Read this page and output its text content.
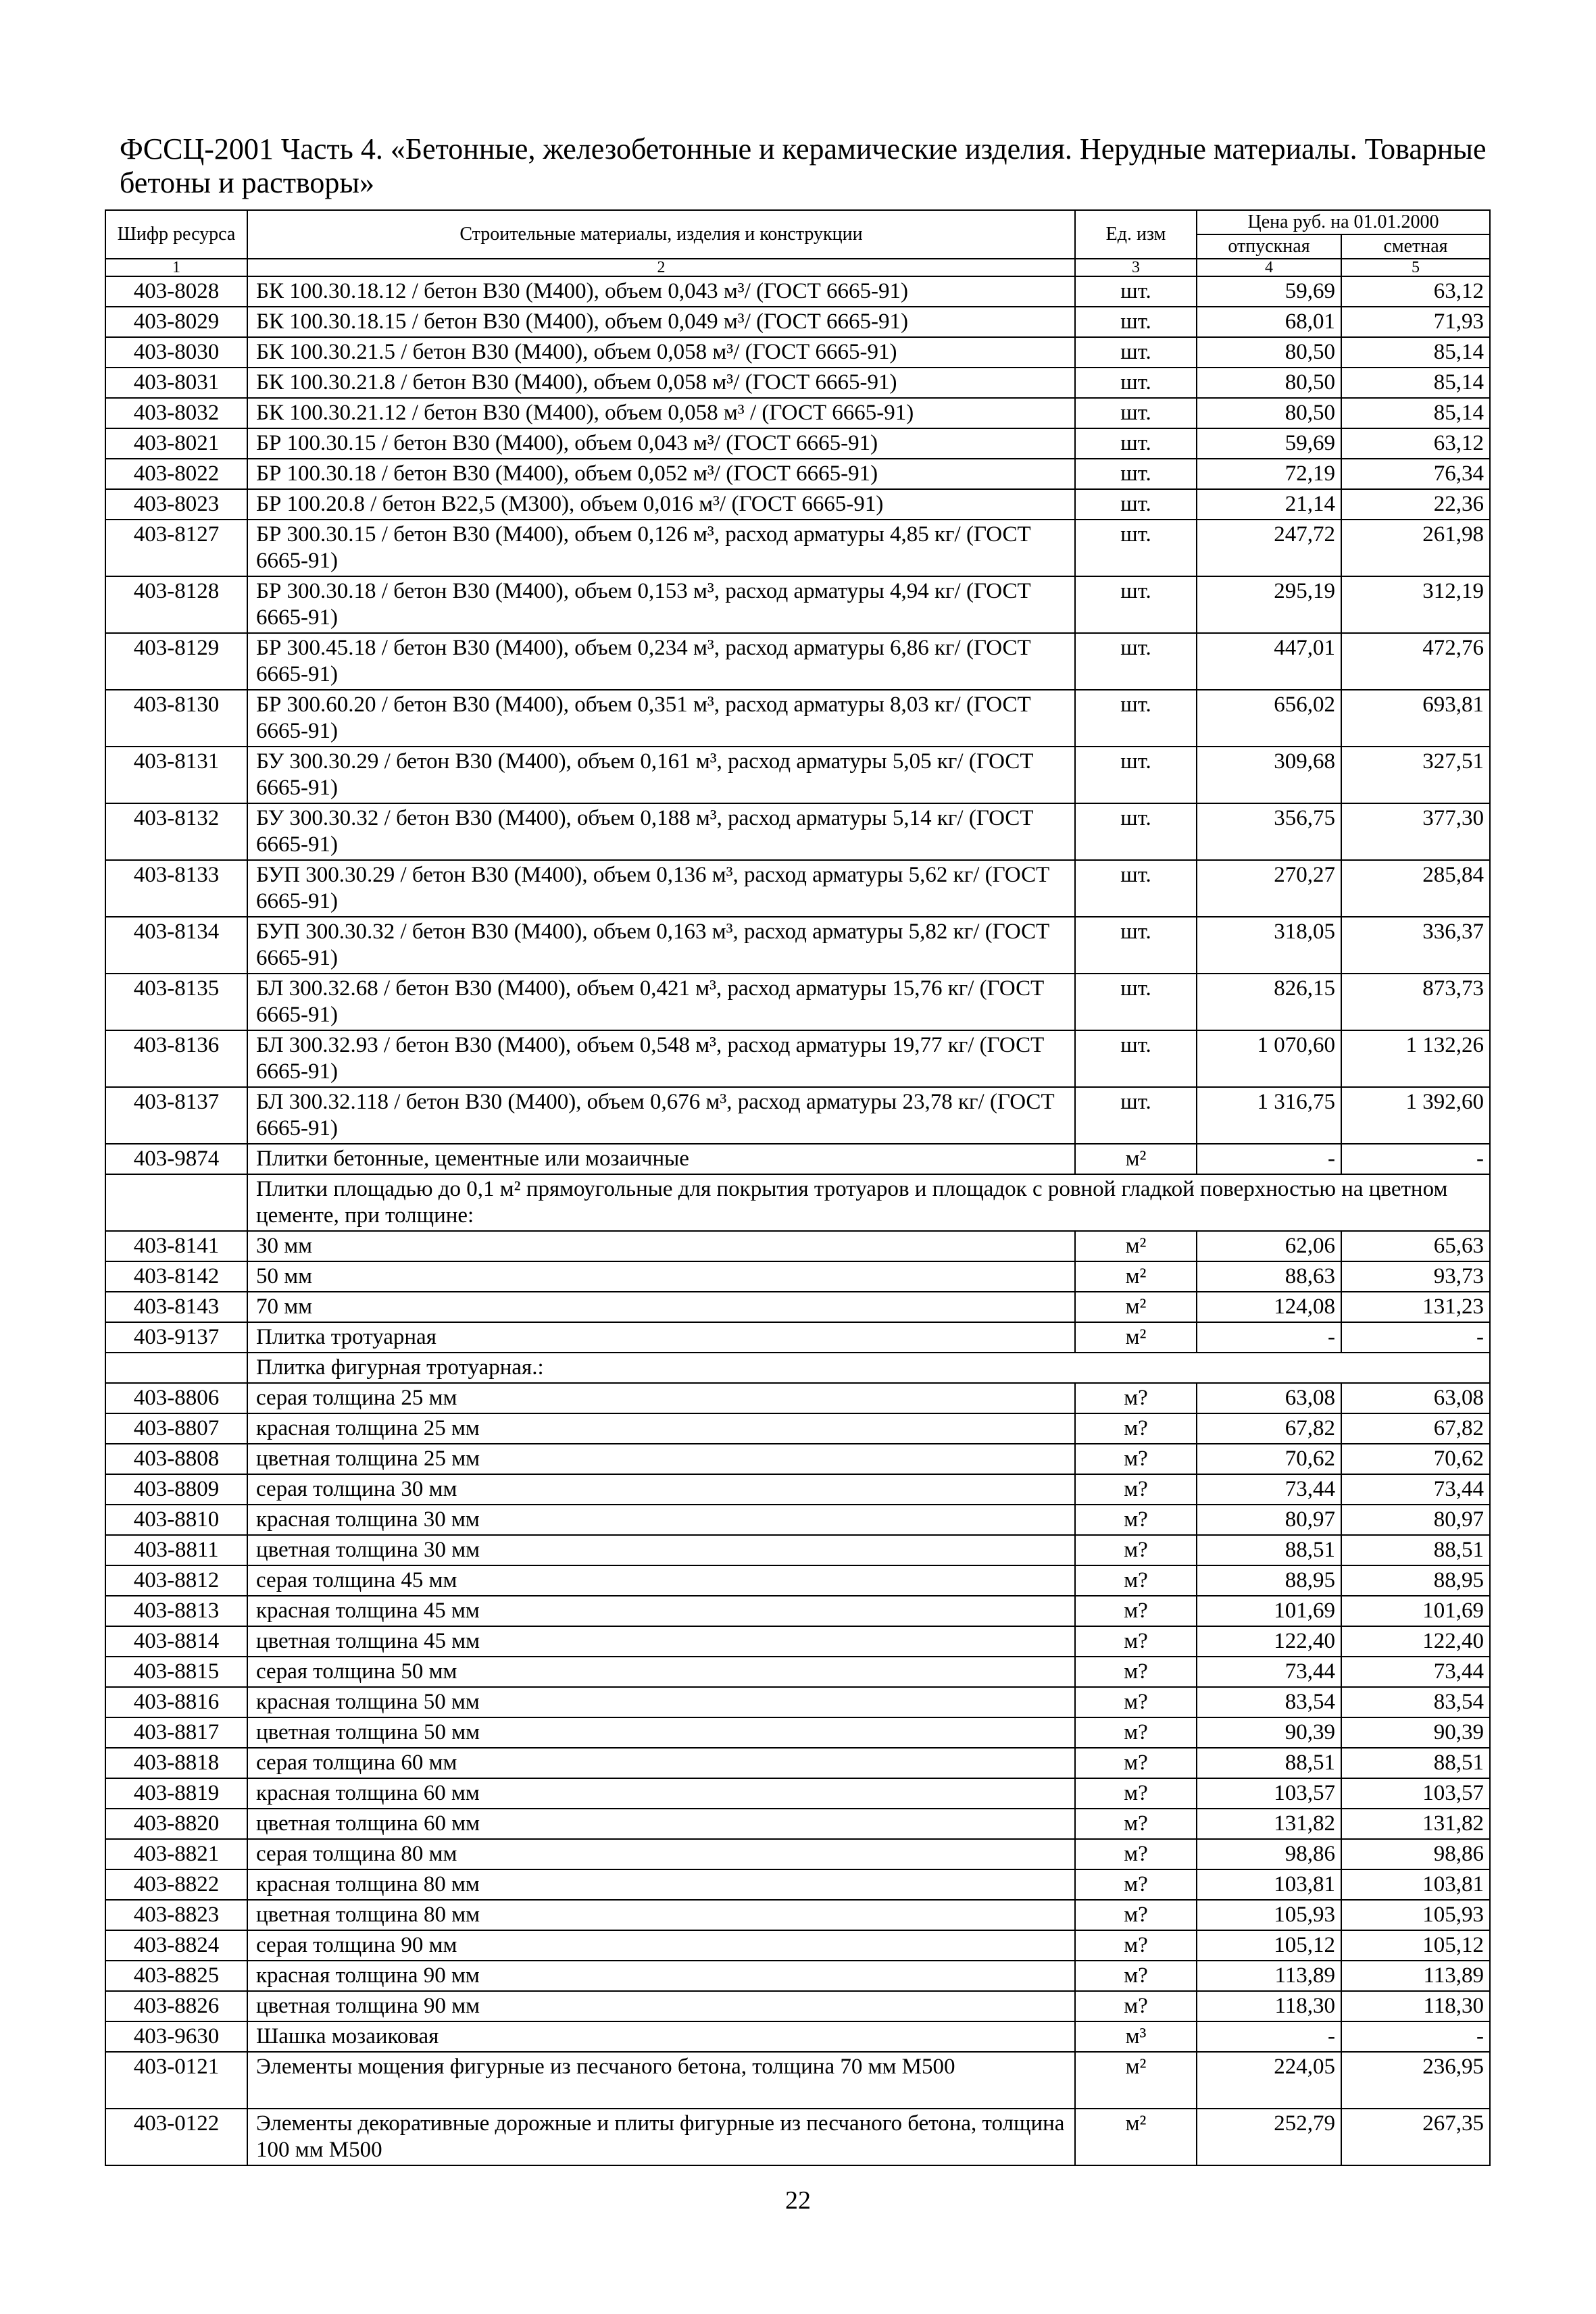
ФССЦ-2001 Часть 4. «Бетонные, железобетонные и керамические изделия. Нерудные материалы. Товарные бетоны и растворы»
Шифр ресурса	Строительные материалы, изделия и конструкции	Ед. изм	Цена руб. на 01.01.2000	
			отпускная	сметная
1	2	3	4	5
403-8028	БК 100.30.18.12 / бетон В30 (М400), объем 0,043 м³/ (ГОСТ 6665-91)	шт.	59,69	63,12
403-8029	БК 100.30.18.15 / бетон В30 (М400), объем 0,049 м³/ (ГОСТ 6665-91)	шт.	68,01	71,93
403-8030	БК 100.30.21.5 / бетон В30 (М400), объем 0,058 м³/ (ГОСТ 6665-91)	шт.	80,50	85,14
403-8031	БК 100.30.21.8 / бетон В30 (М400), объем 0,058 м³/ (ГОСТ 6665-91)	шт.	80,50	85,14
403-8032	БК 100.30.21.12 / бетон В30 (М400), объем 0,058 м³ / (ГОСТ 6665-91)	шт.	80,50	85,14
403-8021	БР 100.30.15 / бетон В30 (М400), объем 0,043 м³/ (ГОСТ 6665-91)	шт.	59,69	63,12
403-8022	БР 100.30.18 / бетон В30 (М400), объем 0,052 м³/ (ГОСТ 6665-91)	шт.	72,19	76,34
403-8023	БР 100.20.8 / бетон В22,5 (М300), объем 0,016 м³/ (ГОСТ 6665-91)	шт.	21,14	22,36
403-8127	БР 300.30.15 / бетон В30 (М400), объем 0,126 м³, расход арматуры 4,85 кг/ (ГОСТ 6665-91)	шт.	247,72	261,98
403-8128	БР 300.30.18 / бетон В30 (М400), объем 0,153 м³, расход арматуры 4,94 кг/ (ГОСТ 6665-91)	шт.	295,19	312,19
403-8129	БР 300.45.18 / бетон В30 (М400), объем 0,234 м³, расход арматуры 6,86 кг/ (ГОСТ 6665-91)	шт.	447,01	472,76
403-8130	БР 300.60.20 / бетон В30 (М400), объем 0,351 м³, расход арматуры 8,03 кг/ (ГОСТ 6665-91)	шт.	656,02	693,81
403-8131	БУ 300.30.29 / бетон В30 (М400), объем 0,161 м³, расход арматуры 5,05 кг/ (ГОСТ 6665-91)	шт.	309,68	327,51
403-8132	БУ 300.30.32 / бетон В30 (М400), объем 0,188 м³, расход арматуры 5,14 кг/ (ГОСТ 6665-91)	шт.	356,75	377,30
403-8133	БУП 300.30.29 / бетон В30 (М400), объем 0,136 м³, расход арматуры 5,62 кг/ (ГОСТ 6665-91)	шт.	270,27	285,84
403-8134	БУП 300.30.32 / бетон В30 (М400), объем 0,163 м³, расход арматуры 5,82 кг/ (ГОСТ 6665-91)	шт.	318,05	336,37
403-8135	БЛ 300.32.68 / бетон В30 (М400), объем 0,421 м³, расход арматуры 15,76 кг/ (ГОСТ 6665-91)	шт.	826,15	873,73
403-8136	БЛ 300.32.93 / бетон В30 (М400), объем 0,548 м³, расход арматуры 19,77 кг/ (ГОСТ 6665-91)	шт.	1 070,60	1 132,26
403-8137	БЛ 300.32.118 / бетон В30 (М400), объем 0,676 м³, расход арматуры 23,78 кг/ (ГОСТ 6665-91)	шт.	1 316,75	1 392,60
403-9874	Плитки бетонные, цементные или мозаичные	м²	-	-
	Плитки площадью до 0,1 м² прямоугольные для покрытия тротуаров и площадок с ровной гладкой поверхностью на цветном цементе, при толщине:			
403-8141	30 мм	м²	62,06	65,63
403-8142	50 мм	м²	88,63	93,73
403-8143	70 мм	м²	124,08	131,23
403-9137	Плитка тротуарная	м²	-	-
	Плитка фигурная тротуарная.:			
403-8806	серая толщина 25 мм	м?	63,08	63,08
403-8807	красная толщина 25 мм	м?	67,82	67,82
403-8808	цветная толщина 25 мм	м?	70,62	70,62
403-8809	серая толщина 30 мм	м?	73,44	73,44
403-8810	красная толщина 30 мм	м?	80,97	80,97
403-8811	цветная толщина 30 мм	м?	88,51	88,51
403-8812	серая толщина 45 мм	м?	88,95	88,95
403-8813	красная толщина 45 мм	м?	101,69	101,69
403-8814	цветная толщина 45 мм	м?	122,40	122,40
403-8815	серая толщина 50 мм	м?	73,44	73,44
403-8816	красная толщина 50 мм	м?	83,54	83,54
403-8817	цветная толщина 50 мм	м?	90,39	90,39
403-8818	серая толщина 60 мм	м?	88,51	88,51
403-8819	красная толщина 60 мм	м?	103,57	103,57
403-8820	цветная толщина 60 мм	м?	131,82	131,82
403-8821	серая толщина 80 мм	м?	98,86	98,86
403-8822	красная толщина 80 мм	м?	103,81	103,81
403-8823	цветная толщина 80 мм	м?	105,93	105,93
403-8824	серая толщина 90 мм	м?	105,12	105,12
403-8825	красная толщина 90 мм	м?	113,89	113,89
403-8826	цветная толщина 90 мм	м?	118,30	118,30
403-9630	Шашка мозаиковая	м³	-	-
403-0121	Элементы мощения фигурные из песчаного бетона, толщина 70 мм М500	м²	224,05	236,95
403-0122	Элементы декоративные дорожные и плиты фигурные из песчаного бетона, толщина 100 мм М500	м²	252,79	267,35
22
